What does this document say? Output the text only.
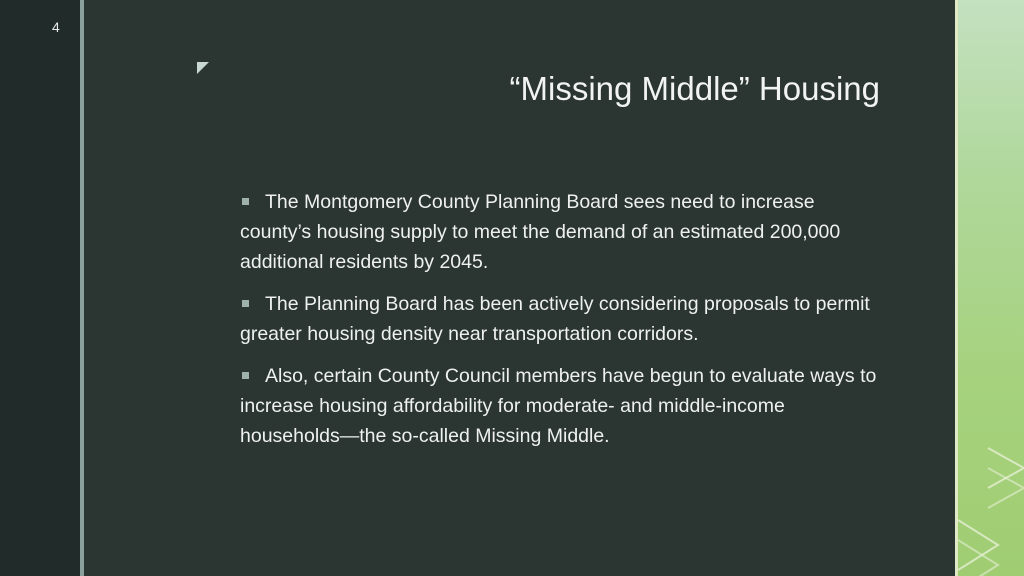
4
“Missing Middle” Housing
The Montgomery County Planning Board sees need to increase county’s housing supply to meet the demand of an estimated 200,000 additional residents by 2045.
The Planning Board has been actively considering proposals to permit greater housing density near transportation corridors.
Also, certain County Council members have begun to evaluate ways to increase housing affordability for moderate- and middle-income households—the so-called Missing Middle.
